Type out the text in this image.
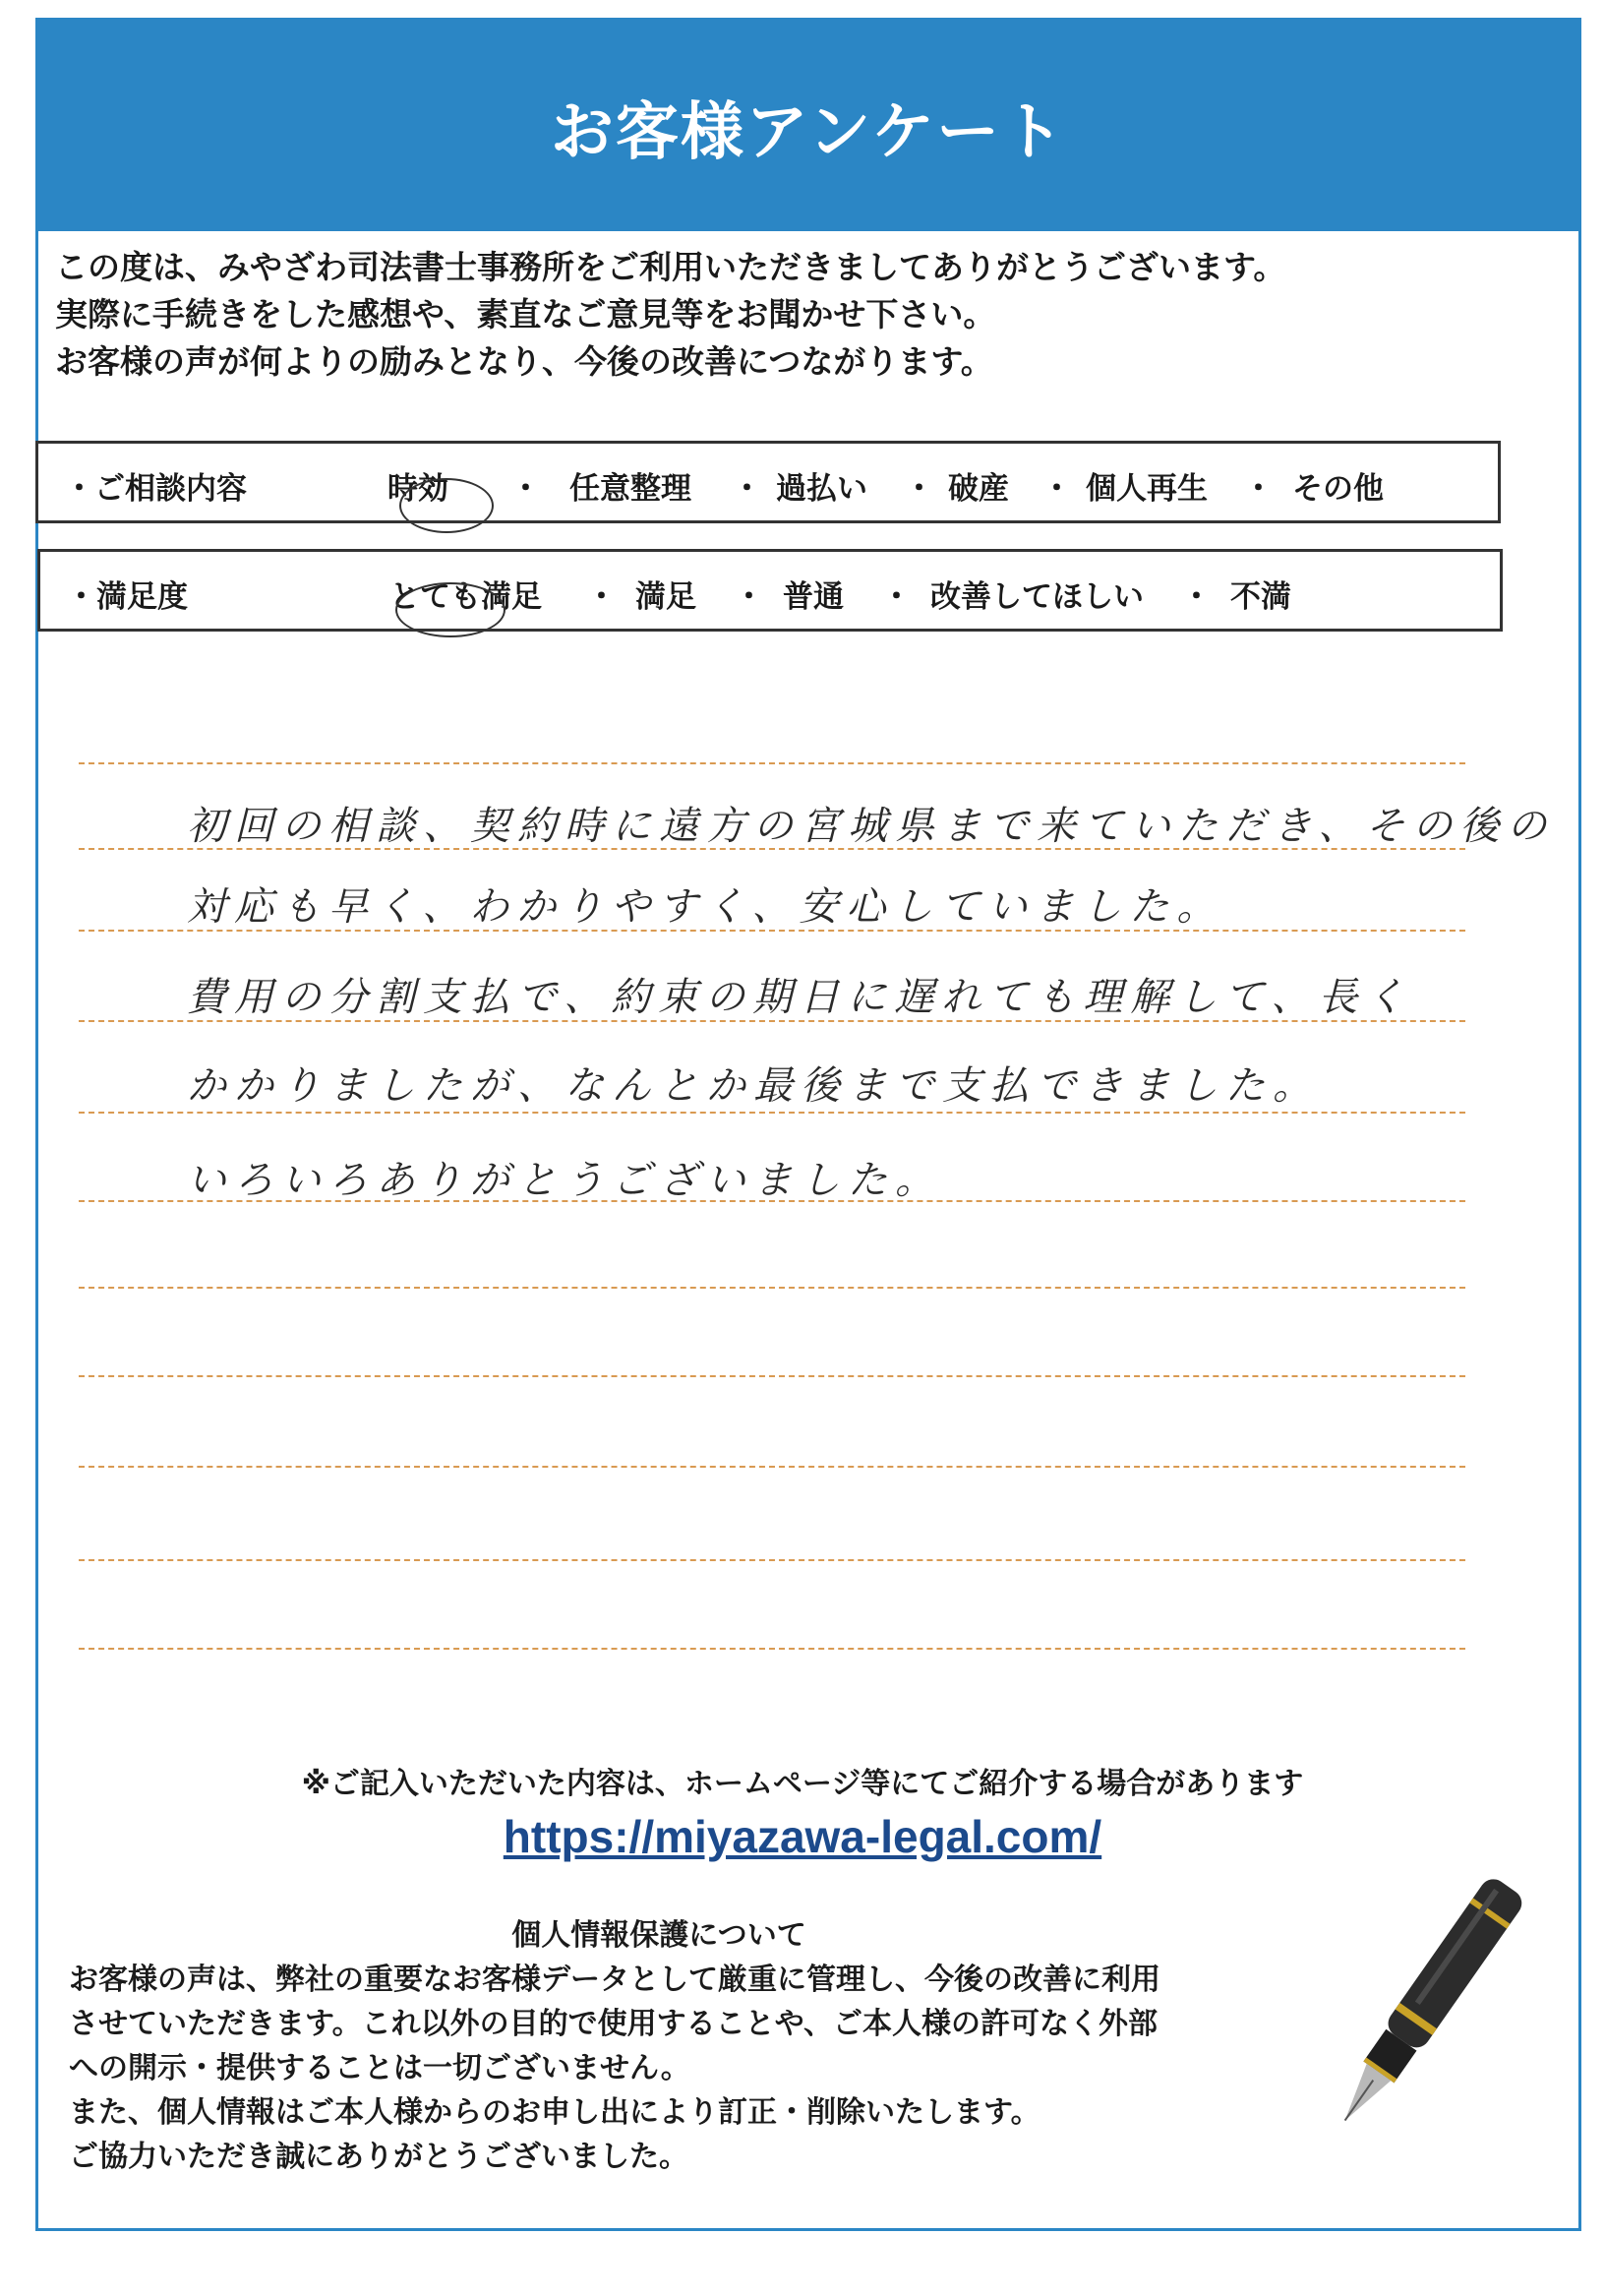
お客様アンケート
この度は、みやざわ司法書士事務所をご利用いただきましてありがとうございます。
実際に手続きをした感想や、素直なご意見等をお聞かせ下さい。
お客様の声が何よりの励みとなり、今後の改善につながります。
・ご相談内容	時効 ・ 任意整理 ・ 過払い ・ 破産 ・ 個人再生 ・ その他
・満足度	とても満足 ・ 満足 ・ 普通 ・ 改善してほしい ・ 不満
初回の相談、契約時に遠方の宮城県まで来ていただき、その後の
対応も早く、わかりやすく、安心していました。
費用の分割支払で、約束の期日に遅れても理解して、長く
かかりましたが、なんとか最後まで支払できました。
いろいろありがとうございました。
※ご記入いただいた内容は、ホームページ等にてご紹介する場合があります
https://miyazawa-legal.com/
個人情報保護について
お客様の声は、弊社の重要なお客様データとして厳重に管理し、今後の改善に利用
させていただきます。これ以外の目的で使用することや、ご本人様の許可なく外部
への開示・提供することは一切ございません。
また、個人情報はご本人様からのお申し出により訂正・削除いたします。
ご協力いただき誠にありがとうございました。
